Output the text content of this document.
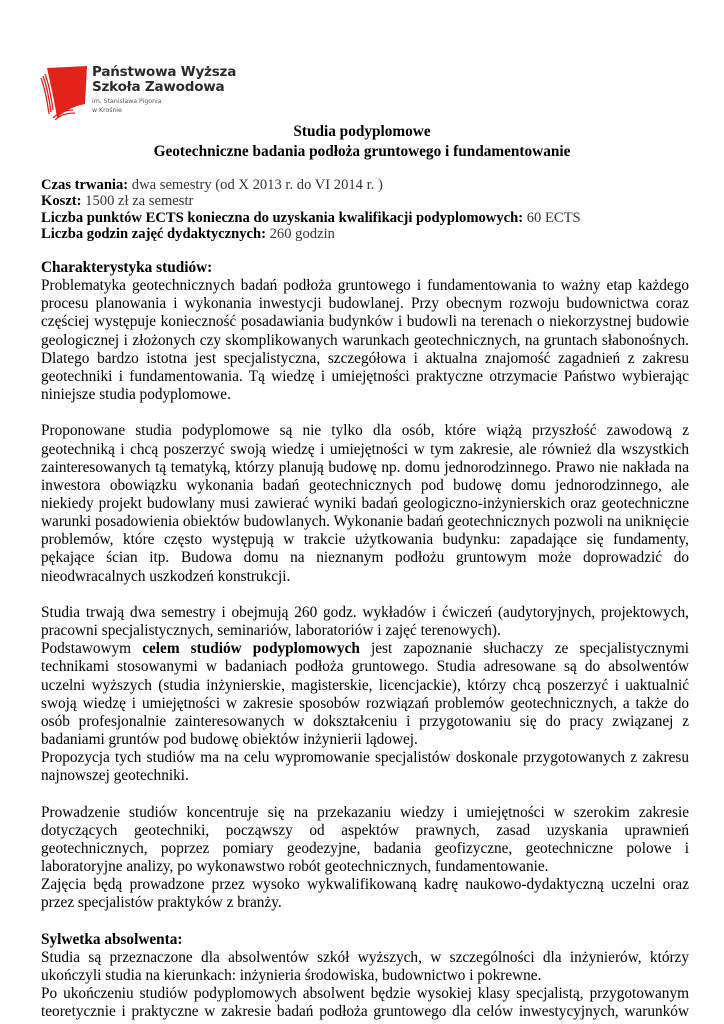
Państwowa Wyższa
Szkoła Zawodowa
im. Stanisława Pigonia
w Krośnie
Studia podyplomowe
Geotechniczne badania podłoża gruntowego i fundamentowanie
Czas trwania: dwa semestry (od X 2013 r. do VI 2014 r. )
Koszt: 1500 zł za semestr
Liczba punktów ECTS konieczna do uzyskania kwalifikacji podyplomowych: 60 ECTS
Liczba godzin zajęć dydaktycznych: 260 godzin
Charakterystyka studiów:

Problematyka geotechnicznych badań podłoża gruntowego i fundamentowania to ważny etap każdego procesu planowania i wykonania inwestycji budowlanej. Przy obecnym rozwoju budownictwa coraz częściej występuje konieczność posadawiania budynków i budowli na terenach o niekorzystnej budowie geologicznej i złożonych czy skomplikowanych warunkach geotechnicznych, na gruntach słabonośnych. Dlatego bardzo istotna jest specjalistyczna, szczegółowa i aktualna znajomość zagadnień z zakresu geotechniki i fundamentowania. Tą wiedzę i umiejętności praktyczne otrzymacie Państwo wybierając niniejsze studia podyplomowe.

Proponowane studia podyplomowe są nie tylko dla osób, które wiążą przyszłość zawodową z geotechniką i chcą poszerzyć swoją wiedzę i umiejętności w tym zakresie, ale również dla wszystkich zainteresowanych tą tematyką, którzy planują budowę np. domu jednorodzinnego. Prawo nie nakłada na inwestora obowiązku wykonania badań geotechnicznych pod budowę domu jednorodzinnego, ale niekiedy projekt budowlany musi zawierać wyniki badań geologiczno-inżynierskich oraz geotechniczne warunki posadowienia obiektów budowlanych. Wykonanie badań geotechnicznych pozwoli na uniknięcie problemów, które często występują w trakcie użytkowania budynku: zapadające się fundamenty, pękające ścian itp. Budowa domu na nieznanym podłożu gruntowym może doprowadzić do nieodwracalnych uszkodzeń konstrukcji.

Studia trwają dwa semestry i obejmują 260 godz. wykładów i ćwiczeń (audytoryjnych, projektowych, pracowni specjalistycznych, seminariów, laboratoriów i zajęć terenowych).

Podstawowym celem studiów podyplomowych jest zapoznanie słuchaczy ze specjalistycznymi technikami stosowanymi w badaniach podłoża gruntowego. Studia adresowane są do absolwentów uczelni wyższych (studia inżynierskie, magisterskie, licencjackie), którzy chcą poszerzyć i uaktualnić swoją wiedzę i umiejętności w zakresie sposobów rozwiązań problemów geotechnicznych, a także do osób profesjonalnie zainteresowanych w dokształceniu i przygotowaniu się do pracy związanej z badaniami gruntów pod budowę obiektów inżynierii lądowej.

Propozycja tych studiów ma na celu wypromowanie specjalistów doskonale przygotowanych z zakresu najnowszej geotechniki.

Prowadzenie studiów koncentruje się na przekazaniu wiedzy i umiejętności w szerokim zakresie dotyczących geotechniki, począwszy od aspektów prawnych, zasad uzyskania uprawnień geotechnicznych, poprzez pomiary geodezyjne, badania geofizyczne, geotechniczne polowe i laboratoryjne analizy, po wykonawstwo robót geotechnicznych, fundamentowanie.

Zajęcia będą prowadzone przez wysoko wykwalifikowaną kadrę naukowo-dydaktyczną uczelni oraz przez specjalistów praktyków z branży.

Sylwetka absolwenta:

Studia są przeznaczone dla absolwentów szkół wyższych, w szczególności dla inżynierów, którzy ukończyli studia na kierunkach: inżynieria środowiska, budownictwo i pokrewne.

Po ukończeniu studiów podyplomowych absolwent będzie wysokiej klasy specjalistą, przygotowanym teoretycznie i praktyczne w zakresie badań podłoża gruntowego dla celów inwestycyjnych, warunków
